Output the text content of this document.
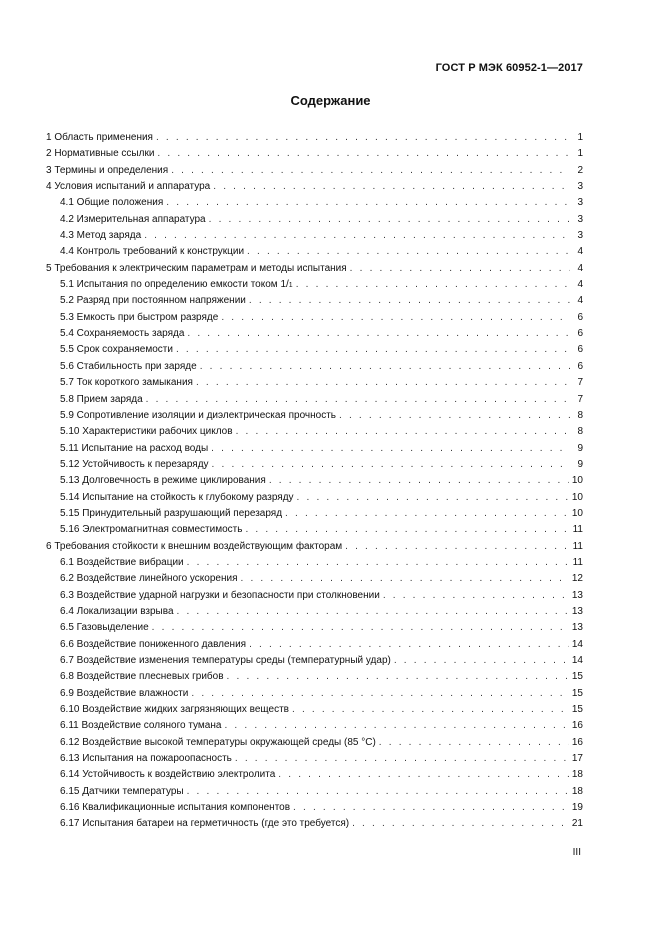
ГОСТ Р МЭК 60952-1—2017
Содержание
1 Область применения . . .	1
2 Нормативные ссылки . . .	1
3 Термины и определения . . .	2
4 Условия испытаний и аппаратура . . .	3
4.1 Общие положения . . .	3
4.2 Измерительная аппаратура . . .	3
4.3 Метод заряда . . .	3
4.4 Контроль требований к конструкции . . .	4
5 Требования к электрическим параметрам и методы испытания . . .	4
5.1 Испытания по определению емкости током 1/ 1 . . .	4
5.2 Разряд при постоянном напряжении . . .	4
5.3 Емкость при быстром разряде . . .	6
5.4 Сохраняемость заряда . . .	6
5.5 Срок сохраняемости . . .	6
5.6 Стабильность при заряде . . .	6
5.7 Ток короткого замыкания . . .	7
5.8 Прием заряда . . .	7
5.9 Сопротивление изоляции и диэлектрическая прочность . . .	8
5.10 Характеристики рабочих циклов . . .	8
5.11 Испытание на расход воды . . .	9
5.12 Устойчивость к перезаряду . . .	9
5.13 Долговечность в режиме циклирования . . .	10
5.14 Испытание на стойкость к глубокому разряду . . .	10
5.15 Принудительный разрушающий перезаряд . . .	10
5.16 Электромагнитная совместимость . . .	11
6 Требования стойкости к внешним воздействующим факторам . . .	11
6.1 Воздействие вибрации . . .	11
6.2 Воздействие линейного ускорения . . .	12
6.3 Воздействие ударной нагрузки и безопасности при столкновении . . .	13
6.4 Локализации взрыва . . .	13
6.5 Газовыделение . . .	13
6.6 Воздействие пониженного давления . . .	14
6.7 Воздействие изменения температуры среды (температурный удар) . . .	14
6.8 Воздействие плесневых грибов . . .	15
6.9 Воздействие влажности . . .	15
6.10 Воздействие жидких загрязняющих веществ . . .	15
6.11 Воздействие соляного тумана . . .	16
6.12 Воздействие высокой температуры окружающей среды (85 °С) . . .	16
6.13 Испытания на пожароопасность . . .	17
6.14 Устойчивость к воздействию электролита . . .	18
6.15 Датчики температуры . . .	18
6.16 Квалификационные испытания компонентов . . .	19
6.17 Испытания батареи на герметичность (где это требуется) . . .	21
III
